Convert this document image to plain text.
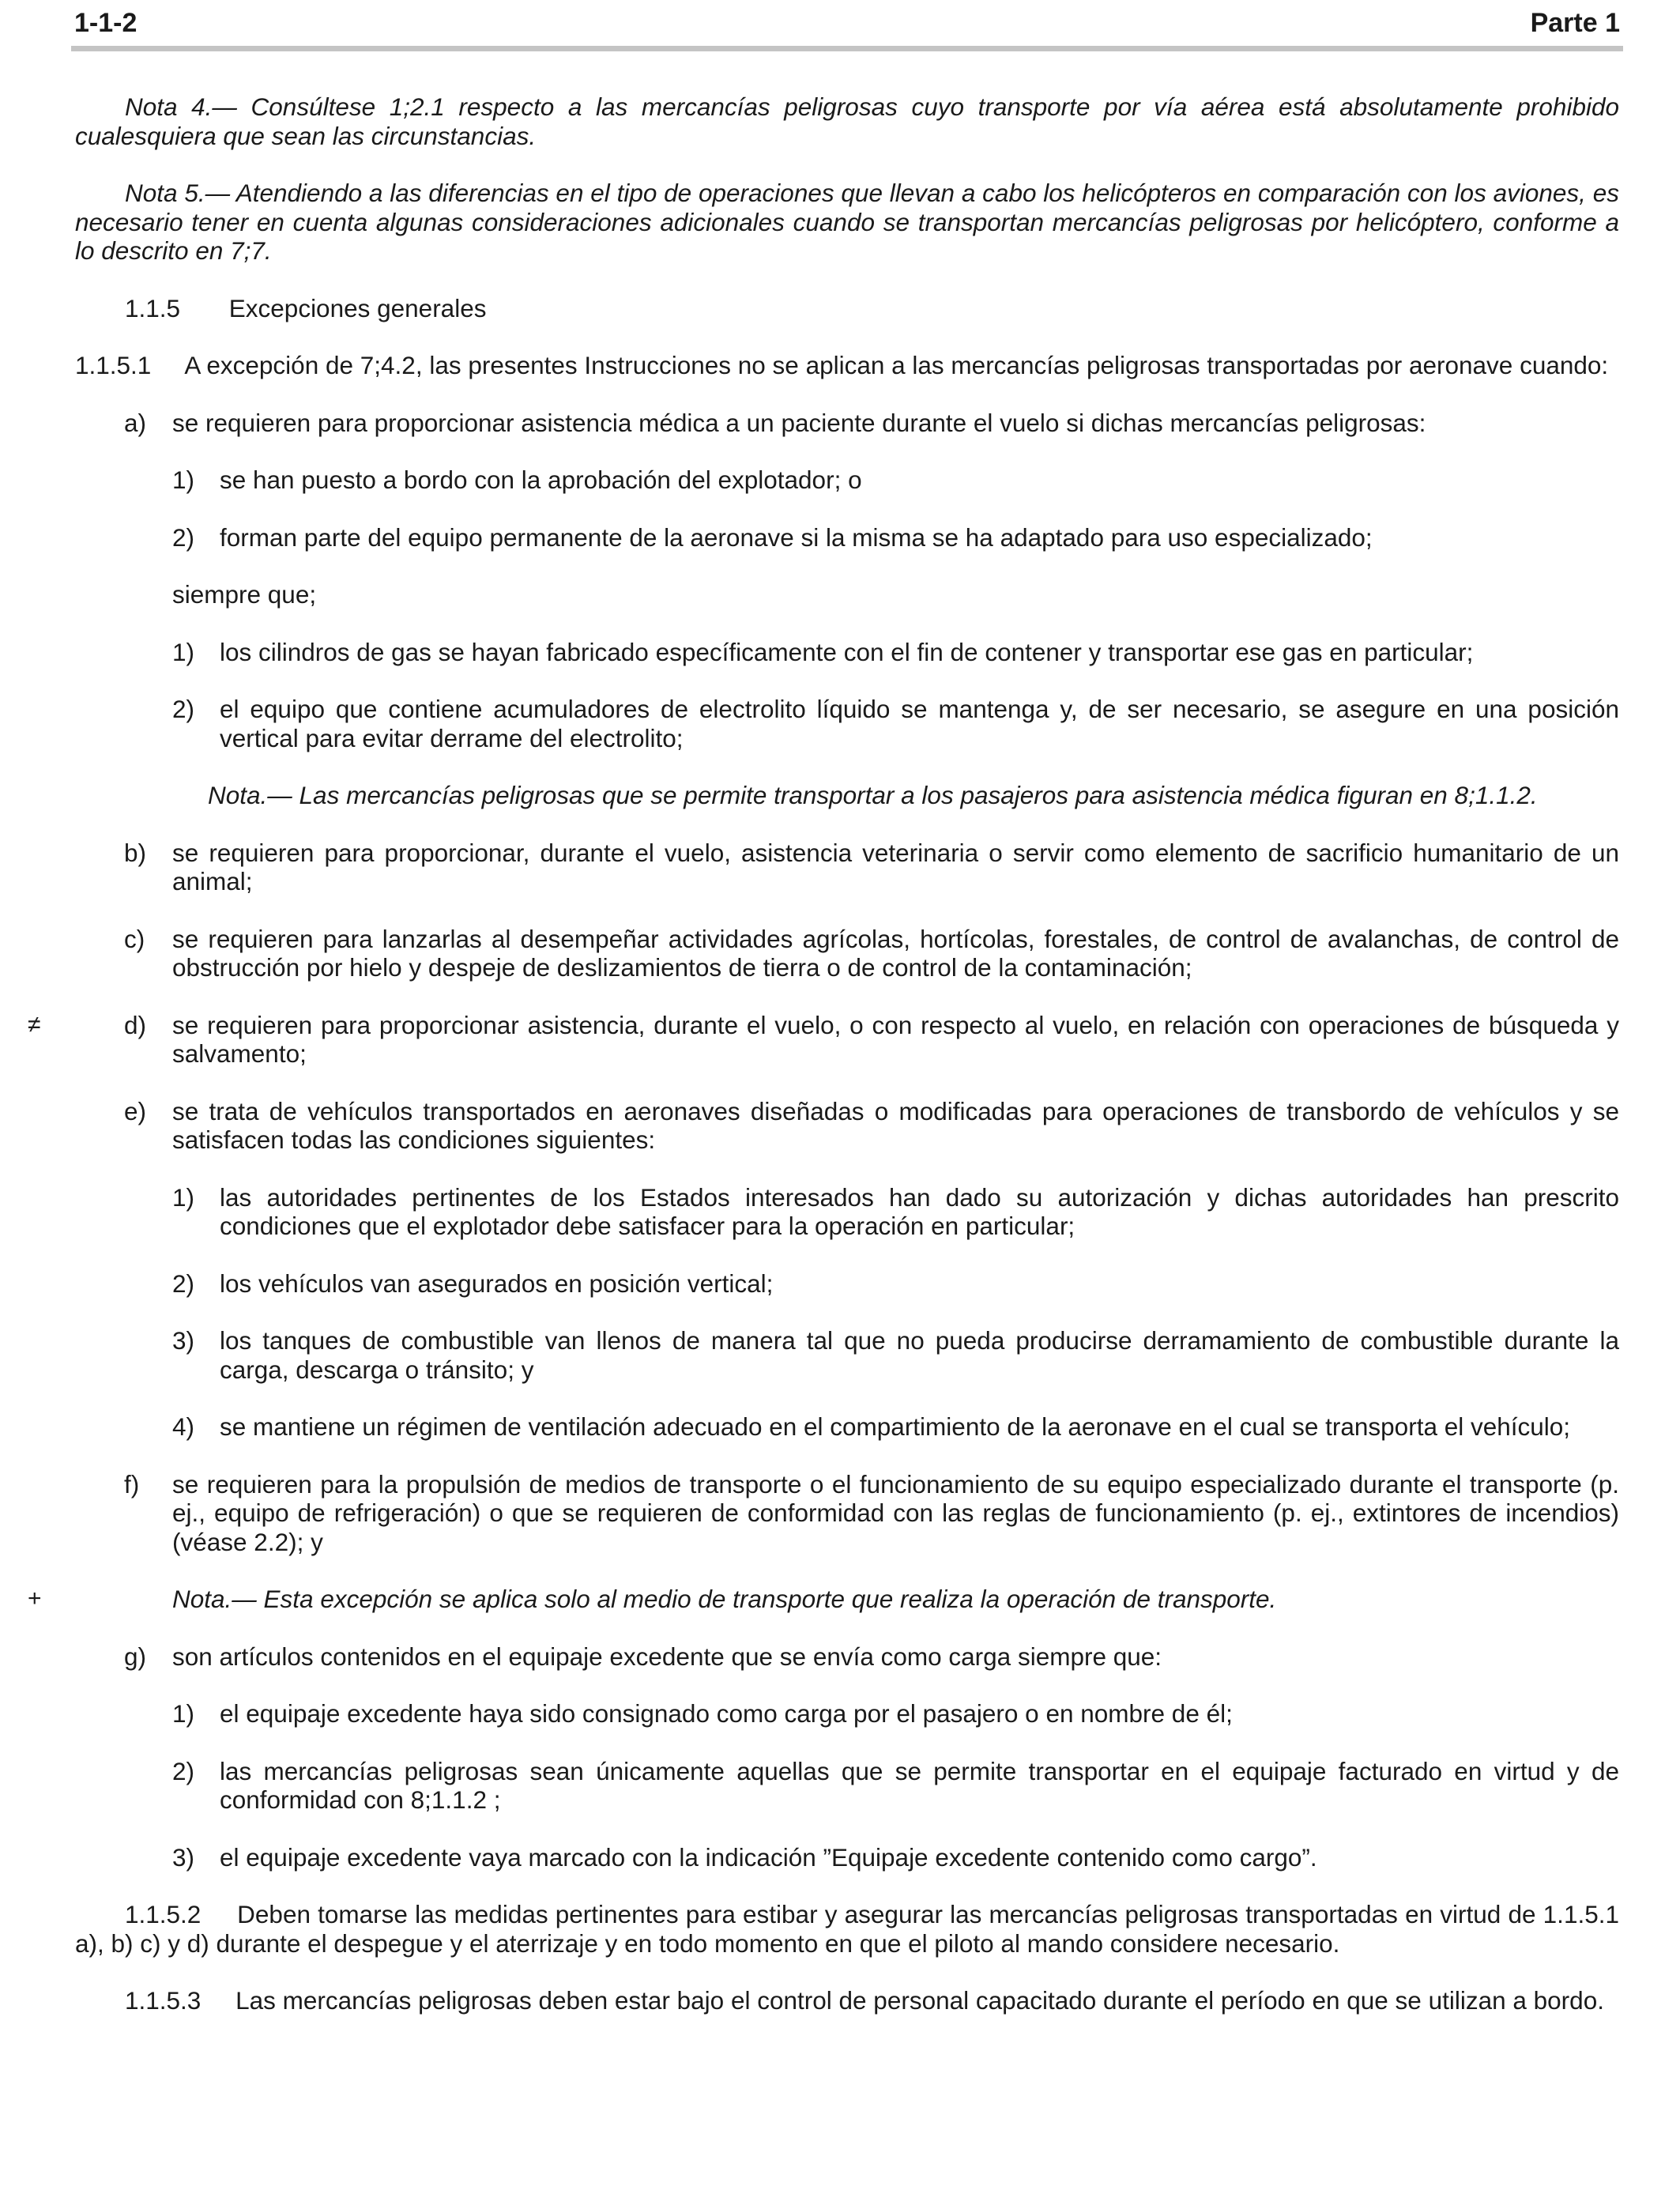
1-1-2	Parte 1

Nota 4.— Consúltese 1;2.1 respecto a las mercancías peligrosas cuyo transporte por vía aérea está absolutamente prohibido cualesquiera que sean las circunstancias.

Nota 5.— Atendiendo a las diferencias en el tipo de operaciones que llevan a cabo los helicópteros en comparación con los aviones, es necesario tener en cuenta algunas consideraciones adicionales cuando se transportan mercancías peligrosas por helicóptero, conforme a lo descrito en 7;7.

1.1.5 Excepciones generales

1.1.5.1     A excepción de 7;4.2, las presentes Instrucciones no se aplican a las mercancías peligrosas transportadas por aeronave cuando:

a) se requieren para proporcionar asistencia médica a un paciente durante el vuelo si dichas mercancías peligrosas:
1) se han puesto a bordo con la aprobación del explotador; o
2) forman parte del equipo permanente de la aeronave si la misma se ha adaptado para uso especializado;
siempre que;
1) los cilindros de gas se hayan fabricado específicamente con el fin de contener y transportar ese gas en particular;
2) el equipo que contiene acumuladores de electrolito líquido se mantenga y, de ser necesario, se asegure en una posición vertical para evitar derrame del electrolito;
Nota.— Las mercancías peligrosas que se permite transportar a los pasajeros para asistencia médica figuran en 8;1.1.2.
b) se requieren para proporcionar, durante el vuelo, asistencia veterinaria o servir como elemento de sacrificio humanitario de un animal;
c) se requieren para lanzarlas al desempeñar actividades agrícolas, hortícolas, forestales, de control de avalanchas, de control de obstrucción por hielo y despeje de deslizamientos de tierra o de control de la contaminación;
≠	d) se requieren para proporcionar asistencia, durante el vuelo, o con respecto al vuelo, en relación con operaciones de búsqueda y salvamento;
e) se trata de vehículos transportados en aeronaves diseñadas o modificadas para operaciones de transbordo de vehículos y se satisfacen todas las condiciones siguientes:
1) las autoridades pertinentes de los Estados interesados han dado su autorización y dichas autoridades han prescrito condiciones que el explotador debe satisfacer para la operación en particular;
2) los vehículos van asegurados en posición vertical;
3) los tanques de combustible van llenos de manera tal que no pueda producirse derramamiento de combustible durante la carga, descarga o tránsito; y
4) se mantiene un régimen de ventilación adecuado en el compartimiento de la aeronave en el cual se transporta el vehículo;
f) se requieren para la propulsión de medios de transporte o el funcionamiento de su equipo especializado durante el transporte (p. ej., equipo de refrigeración) o que se requieren de conformidad con las reglas de funcionamiento (p. ej., extintores de incendios) (véase 2.2); y
+	Nota.— Esta excepción se aplica solo al medio de transporte que realiza la operación de transporte.
g) son artículos contenidos en el equipaje excedente que se envía como carga siempre que:
1) el equipaje excedente haya sido consignado como carga por el pasajero o en nombre de él;
2) las mercancías peligrosas sean únicamente aquellas que se permite transportar en el equipaje facturado en virtud y de conformidad con 8;1.1.2 ;
3) el equipaje excedente vaya marcado con la indicación ”Equipaje excedente contenido como cargo”.

1.1.5.2     Deben tomarse las medidas pertinentes para estibar y asegurar las mercancías peligrosas transportadas en virtud de 1.1.5.1 a), b) c) y d) durante el despegue y el aterrizaje y en todo momento en que el piloto al mando considere necesario.

1.1.5.3     Las mercancías peligrosas deben estar bajo el control de personal capacitado durante el período en que se utilizan a bordo.
